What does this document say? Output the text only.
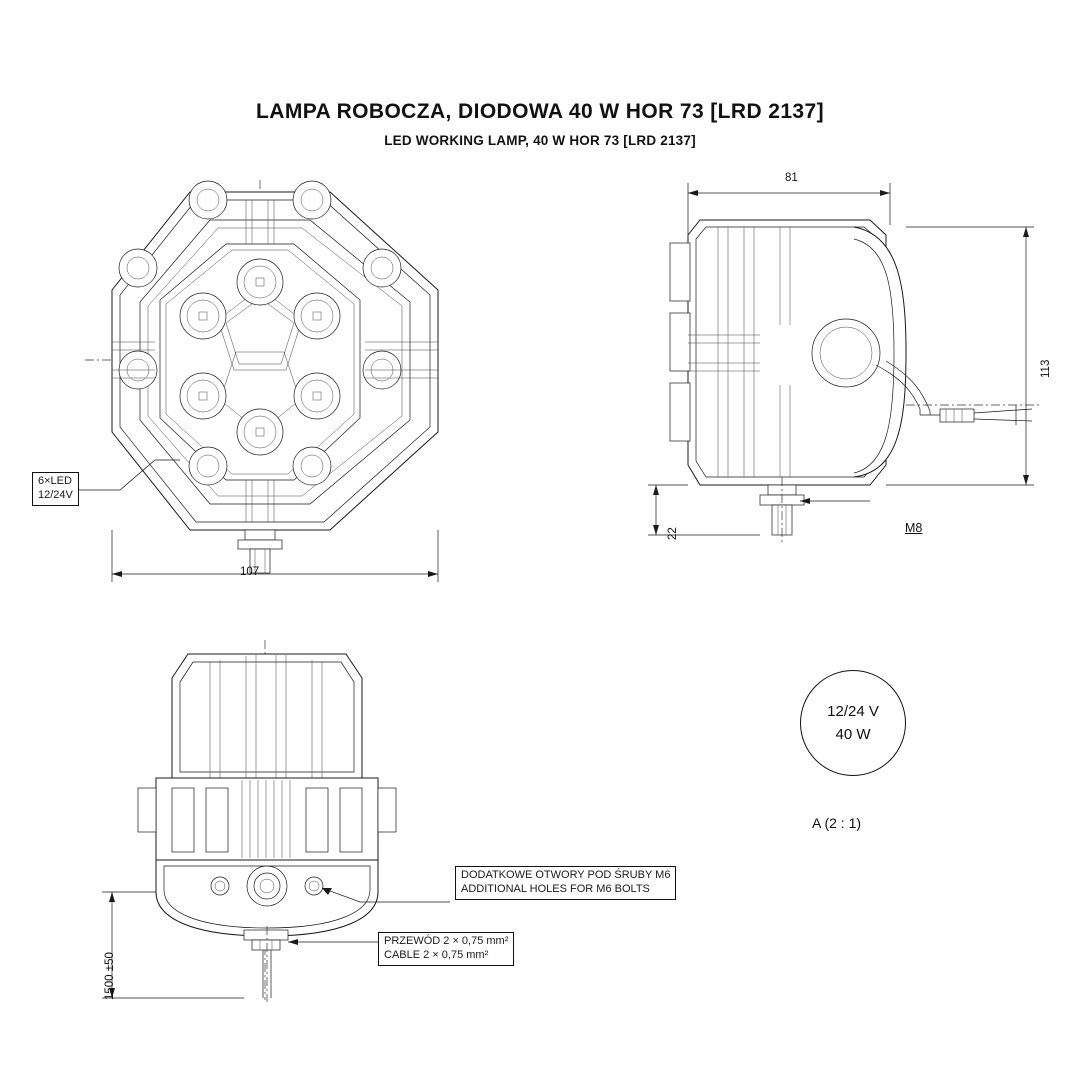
LAMPA ROBOCZA, DIODOWA 40 W HOR 73 [LRD 2137]
LED WORKING LAMP, 40 W HOR 73 [LRD 2137]
6×LED
12/24V
107
81
113
22	M8
1500 ±50
DODATKOWE OTWORY POD ŚRUBY M6
ADDITIONAL HOLES FOR M6 BOLTS
PRZEWÓD 2 × 0,75 mm²
CABLE 2 × 0,75 mm²
12/24 V
40 W
A (2 : 1)
